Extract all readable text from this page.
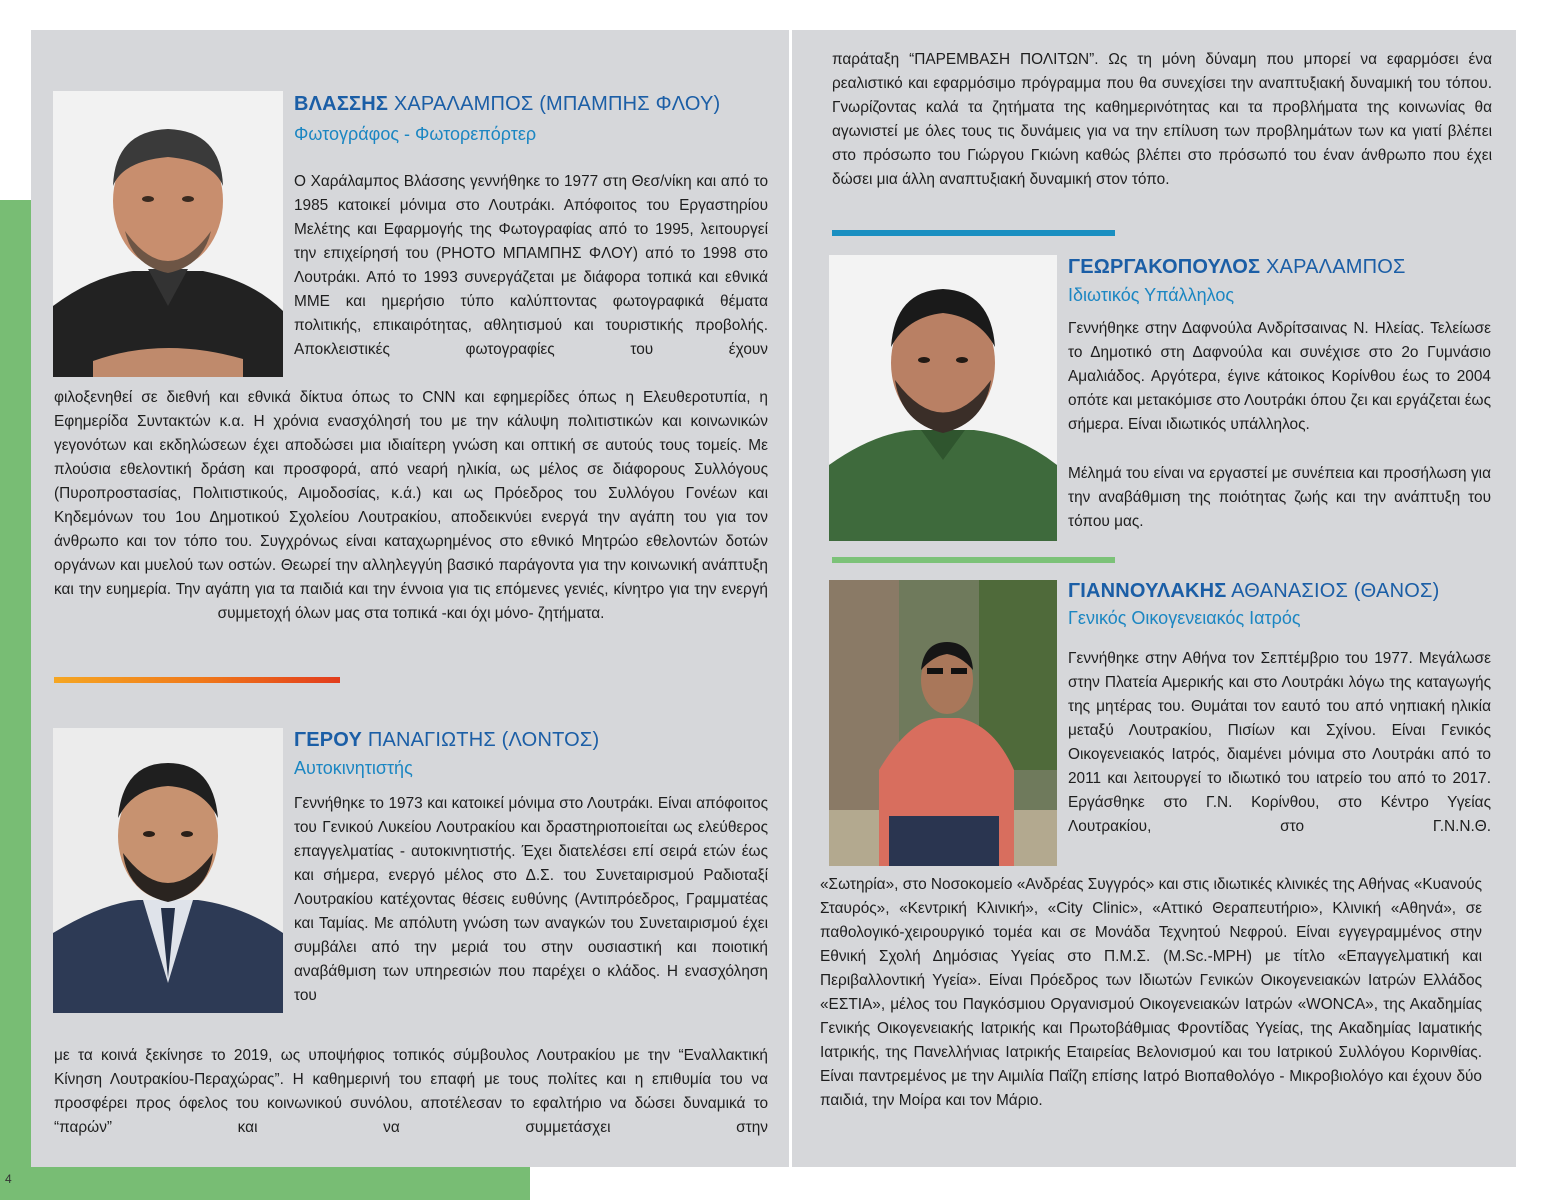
4
ΒΛΑΣΣΗΣ ΧΑΡΑΛΑΜΠΟΣ (ΜΠΑΜΠΗΣ ΦΛΟΥ)
Φωτογράφος - Φωτορεπόρτερ
Ο Χαράλαμπος Βλάσσης γεννήθηκε το 1977 στη Θεσ/νίκη και από το 1985 κατοικεί μόνιμα στο Λουτράκι. Απόφοιτος του Εργαστηρίου Μελέτης και Εφαρμογής της Φωτογραφίας από το 1995, λειτουργεί την επιχείρησή του (PHOTO ΜΠΑΜΠΗΣ ΦΛΟΥ) από το 1998 στο Λουτράκι. Από το 1993 συνεργάζεται με διάφορα τοπικά και εθνικά ΜΜΕ και ημερήσιο τύπο καλύπτοντας φωτογραφικά θέματα πολιτικής, επικαιρότητας, αθλητισμού και τουριστικής προβολής. Αποκλειστικές φωτογραφίες του έχουν
φιλοξενηθεί σε διεθνή και εθνικά δίκτυα όπως το CNN και εφημερίδες όπως η Ελευθεροτυπία, η Εφημερίδα Συντακτών κ.α. Η χρόνια ενασχόλησή του με την κάλυψη πολιτιστικών και κοινωνικών γεγονότων και εκδηλώσεων έχει αποδώσει μια ιδιαίτερη γνώση και οπτική σε αυτούς τους τομείς. Με πλούσια εθελοντική δράση και προσφορά, από νεαρή ηλικία, ως μέλος σε διάφορους Συλλόγους (Πυροπροστασίας, Πολιτιστικούς, Αιμοδοσίας, κ.ά.) και ως Πρόεδρος του Συλλόγου Γονέων και Κηδεμόνων του 1ου Δημοτικού Σχολείου Λουτρακίου, αποδεικνύει ενεργά την αγάπη του για τον άνθρωπο και τον τόπο του. Συγχρόνως είναι καταχωρημένος στο εθνικό Μητρώο εθελοντών δοτών οργάνων και μυελού των οστών. Θεωρεί την αλληλεγγύη βασικό παράγοντα για την κοινωνική ανάπτυξη και την ευημερία. Την αγάπη για τα παιδιά και την έννοια για τις επόμενες γενιές, κίνητρο για την ενεργή συμμετοχή όλων μας στα τοπικά -και όχι μόνο- ζητήματα.
ΓΕΡΟΥ ΠΑΝΑΓΙΩΤΗΣ (ΛΟΝΤΟΣ)
Αυτοκινητιστής
Γεννήθηκε το 1973 και κατοικεί μόνιμα στο Λουτράκι. Είναι απόφοιτος του Γενικού Λυκείου Λουτρακίου και δραστηριοποιείται ως ελεύθερος επαγγελματίας - αυτοκινητιστής. Έχει διατελέσει επί σειρά ετών έως και σήμερα, ενεργό μέλος στο Δ.Σ. του Συνεταιρισμού Ραδιοταξί Λουτρακίου κατέχοντας θέσεις ευθύνης (Αντιπρόεδρος, Γραμματέας και Ταμίας. Με απόλυτη γνώση των αναγκών του Συνεταιρισμού έχει συμβάλει από την μεριά του στην ουσιαστική και ποιοτική αναβάθμιση των υπηρεσιών που παρέχει ο κλάδος. Η ενασχόληση του
με τα κοινά ξεκίνησε το 2019, ως υποψήφιος τοπικός σύμβουλος Λουτρακίου με την “Εναλλακτική Κίνηση Λουτρακίου-Περαχώρας”. Η καθημερινή του επαφή με τους πολίτες και η επιθυμία του να προσφέρει προς όφελος του κοινωνικού συνόλου, αποτέλεσαν το εφαλτήριο να δώσει δυναμικά το “παρών” και να συμμετάσχει στην
παράταξη “ΠΑΡΕΜΒΑΣΗ ΠΟΛΙΤΩΝ”. Ως τη μόνη δύναμη που μπορεί να εφαρμόσει ένα ρεαλιστικό και εφαρμόσιμο πρόγραμμα που θα συνεχίσει την αναπτυξιακή δυναμική του τόπου. Γνωρίζοντας καλά τα ζητήματα της καθημερινότητας και τα προβλήματα της κοινωνίας θα αγωνιστεί με όλες τους τις δυνάμεις για να την επίλυση των προβλημάτων των κα γιατί βλέπει στο πρόσωπο του Γιώργου Γκιώνη καθώς βλέπει στο πρόσωπό του έναν άνθρωπο που έχει δώσει μια άλλη αναπτυξιακή δυναμική στον τόπο.
ΓΕΩΡΓΑΚΟΠΟΥΛΟΣ ΧΑΡΑΛΑΜΠΟΣ
Ιδιωτικός Υπάλληλος
Γεννήθηκε στην Δαφνούλα Ανδρίτσαινας Ν. Ηλείας. Τελείωσε το Δημοτικό στη Δαφνούλα και συνέχισε στο 2ο Γυμνάσιο Αμαλιάδος. Αργότερα, έγινε κάτοικος Κορίνθου έως το 2004 οπότε και μετακόμισε στο Λουτράκι όπου ζει και εργάζεται έως σήμερα. Είναι ιδιωτικός υπάλληλος.
Μέλημά του είναι να εργαστεί με συνέπεια και προσήλωση για την αναβάθμιση της ποιότητας ζωής και την ανάπτυξη του τόπου μας.
ΓΙΑΝΝΟΥΛΑΚΗΣ ΑΘΑΝΑΣΙΟΣ (ΘΑΝΟΣ)
Γενικός Οικογενειακός Ιατρός
Γεννήθηκε στην Αθήνα τον Σεπτέμβριο του 1977. Μεγάλωσε στην Πλατεία Αμερικής και στο Λουτράκι λόγω της καταγωγής της μητέρας του. Θυμάται τον εαυτό του από νηπιακή ηλικία μεταξύ Λουτρακίου, Πισίων και Σχίνου. Είναι Γενικός Οικογενειακός Ιατρός, διαμένει μόνιμα στο Λουτράκι από το 2011 και λειτουργεί το ιδιωτικό του ιατρείο του από το 2017. Εργάσθηκε στο Γ.Ν. Κορίνθου, στο Κέντρο Υγείας Λουτρακίου, στο Γ.Ν.Ν.Θ.
«Σωτηρία», στο Νοσοκομείο «Ανδρέας Συγγρός» και στις ιδιωτικές κλινικές της Αθήνας «Κυανούς Σταυρός», «Κεντρική Κλινική», «City Clinic», «Αττικό Θεραπευτήριο», Κλινική «Αθηνά», σε παθολογικό-χειρουργικό τομέα και σε Μονάδα Τεχνητού Νεφρού. Είναι εγγεγραμμένος στην Εθνική Σχολή Δημόσιας Υγείας στο Π.Μ.Σ. (M.Sc.-MPH) με τίτλο «Επαγγελματική και Περιβαλλοντική Υγεία». Είναι Πρόεδρος των Ιδιωτών Γενικών Οικογενειακών Ιατρών Ελλάδος «ΕΣΤΙΑ», μέλος του Παγκόσμιου Οργανισμού Οικογενειακών Ιατρών «WONCA», της Ακαδημίας Γενικής Οικογενειακής Ιατρικής και Πρωτοβάθμιας Φροντίδας Υγείας, της Ακαδημίας Ιαματικής Ιατρικής, της Πανελλήνιας Ιατρικής Εταιρείας Βελονισμού και του Ιατρικού Συλλόγου Κορινθίας. Είναι παντρεμένος με την Αιμιλία Παΐζη επίσης Ιατρό Βιοπαθολόγο - Μικροβιολόγο και έχουν δύο παιδιά, την Μοίρα και τον Μάριο.
